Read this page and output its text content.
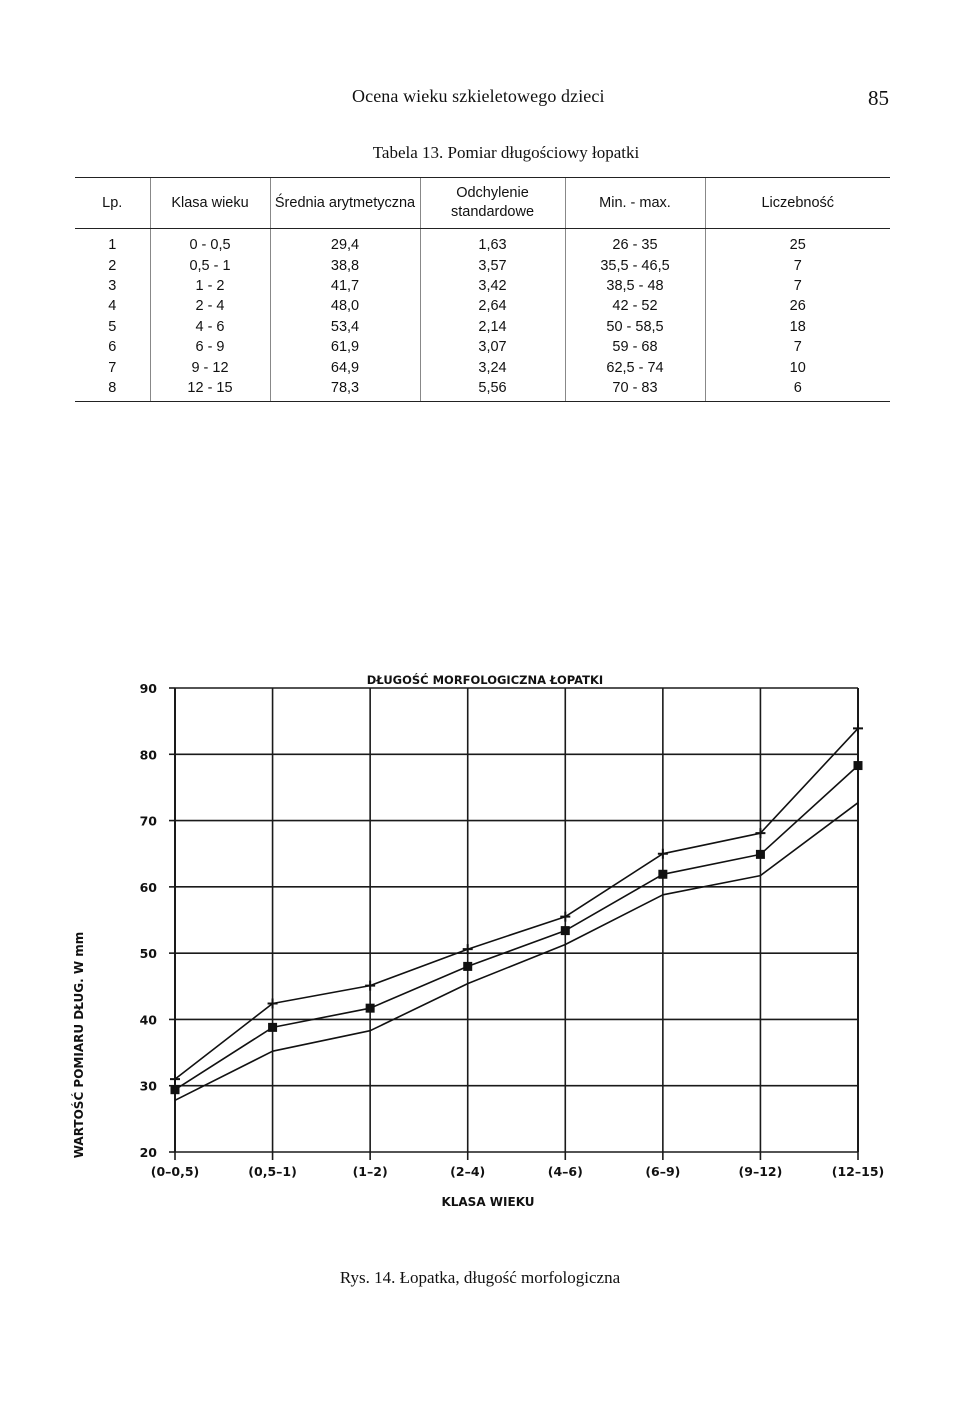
Ocena wieku szkieletowego dzieci	85
Tabela 13. Pomiar długościowy łopatki
Lp.	Klasa wieku	Średnia arytmetyczna	Odchylenie standardowe	Min. - max.	Liczebność
1	0 - 0,5	29,4	1,63	26 - 35	25
2	0,5 - 1	38,8	3,57	35,5 - 46,5	7
3	1 - 2	41,7	3,42	38,5 - 48	7
4	2 - 4	48,0	2,64	42 - 52	26
5	4 - 6	53,4	2,14	50 - 58,5	18
6	6 - 9	61,9	3,07	59 - 68	7
7	9 - 12	64,9	3,24	62,5 - 74	10
8	12 - 15	78,3	5,56	70 - 83	6
DŁUGOŚĆ MORFOLOGICZNA ŁOPATKI
KLASA WIEKU
WARTOŚĆ POMIARU DŁUG. W mm	20
30
40
50
60
70
80
90
(0–0,5)	(0,5–1)	(1–2)	(2–4)	(4–6)	(6–9)	(9–12)	(12–15)
Rys. 14. Łopatka, długość morfologiczna
